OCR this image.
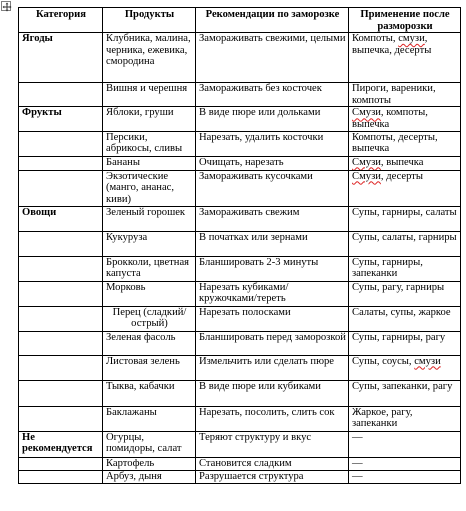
Категория	Продукты	Рекомендации по заморозке	Применение после разморозки
Ягоды	Клубника, малина, черника, ежевика, смородина	Замораживать свежими, целыми	Компоты, смузи, выпечка, десерты
	Вишня и черешня	Замораживать без косточек	Пироги, вареники, компоты
Фрукты	Яблоки, груши	В виде пюре или дольками	Смузи, компоты, выпечка
	Персики, абрикосы, сливы	Нарезать, удалить косточки	Компоты, десерты, выпечка
	Бананы	Очищать, нарезать	Смузи, выпечка
	Экзотические (манго, ананас, киви)	Замораживать кусочками	Смузи, десерты
Овощи	Зеленый горошек	Замораживать свежим	Супы, гарниры, салаты
	Кукуруза	В початках или зернами	Супы, салаты, гарниры
	Брокколи, цветная капуста	Бланшировать 2-3 минуты	Супы, гарниры, запеканки
	Морковь	Нарезать кубиками/кружочками/тереть	Супы, рагу, гарниры
	Перец (сладкий/острый)	Нарезать полосками	Салаты, супы, жаркое
	Зеленая фасоль	Бланшировать перед заморозкой	Супы, гарниры, рагу
	Листовая зелень	Измельчить или сделать пюре	Супы, соусы, смузи
	Тыква, кабачки	В виде пюре или кубиками	Супы, запеканки, рагу
	Баклажаны	Нарезать, посолить, слить сок	Жаркое, рагу, запеканки
Не рекомендуется	Огурцы, помидоры, салат	Теряют структуру и вкус	—
	Картофель	Становится сладким	—
	Арбуз, дыня	Разрушается структура	—
